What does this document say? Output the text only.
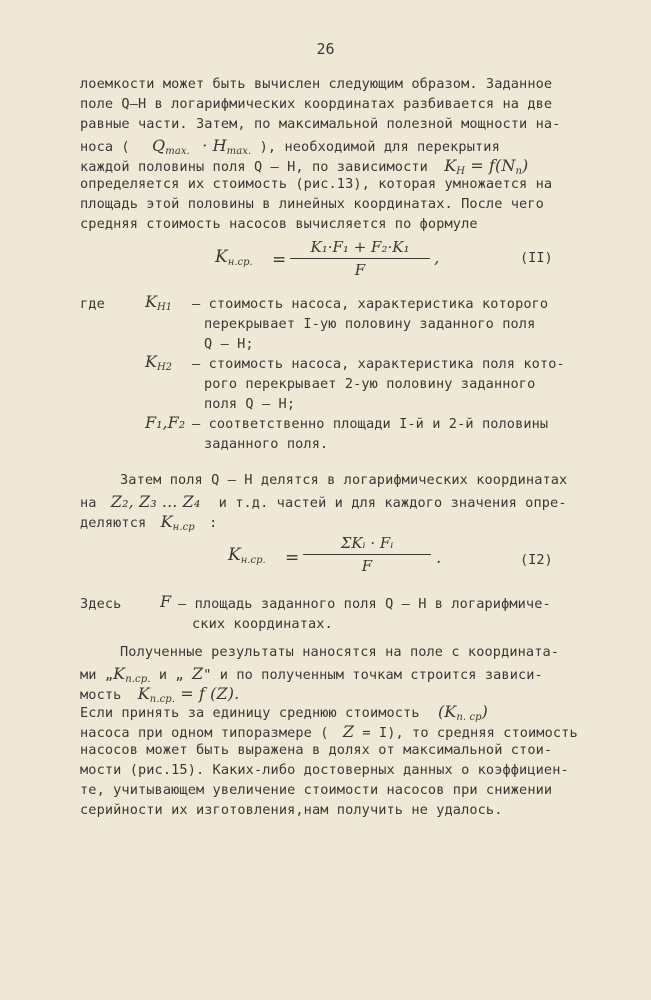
26
лоемкости может быть вычислен следующим образом. Заданное
поле Q–H в логарифмических координатах разбивается на две
равные части. Затем, по максимальной полезной мощности на-
носа ( $Q_{max.} \cdot H_{max.}$ ), необходимой для перекрытия
каждой половины поля Q – H, по зависимости $K_H = f(N_n)$
определяется их стоимость (рис.13), которая умножается на
площадь этой половины в линейных координатах. После чего
средняя стоимость насосов вычисляется по формуле
$K_{н.ср.}$ =
K₁·F₁ + F₂·K₁
F
,	(II)
где	$K_{H1}$ – стоимость насоса, характеристика которого
перекрывает I-ую половину заданного поля
Q – H;
$K_{H2}$ – стоимость насоса, характеристика поля кото-
рого перекрывает 2-ую половину заданного
поля Q – H;
F₁,F₂ – соответственно площади I-й и 2-й половины
заданного поля.
Затем поля Q – H делятся в логарифмических координатах
на Z₂, Z₃ ... Z₄ и т.д. частей и для каждого значения опре-
деляются $K_{н.ср}$ :
$K_{н.ср.}$ =
ΣKᵢ · Fᵢ
F	.	(I2)
Здесь F – площадь заданного поля Q – H в логарифмиче-
ских координатах.
Полученные результаты наносятся на поле с координата-
ми $„K_{n.cp.}$ и „ Z" и по полученным точкам строится зависи-
мость $K_{n.cp.} = f$ (Z).
Если принять за единицу среднюю стоимость $(K_{n. cp})$
насоса при одном типоразмере ( Z = I), то средняя стоимость
насосов может быть выражена в долях от максимальной стои-
мости (рис.15). Каких-либо достоверных данных о коэффициен-
те, учитывающем увеличение стоимости насосов при снижении
серийности их изготовления,нам получить не удалось.
